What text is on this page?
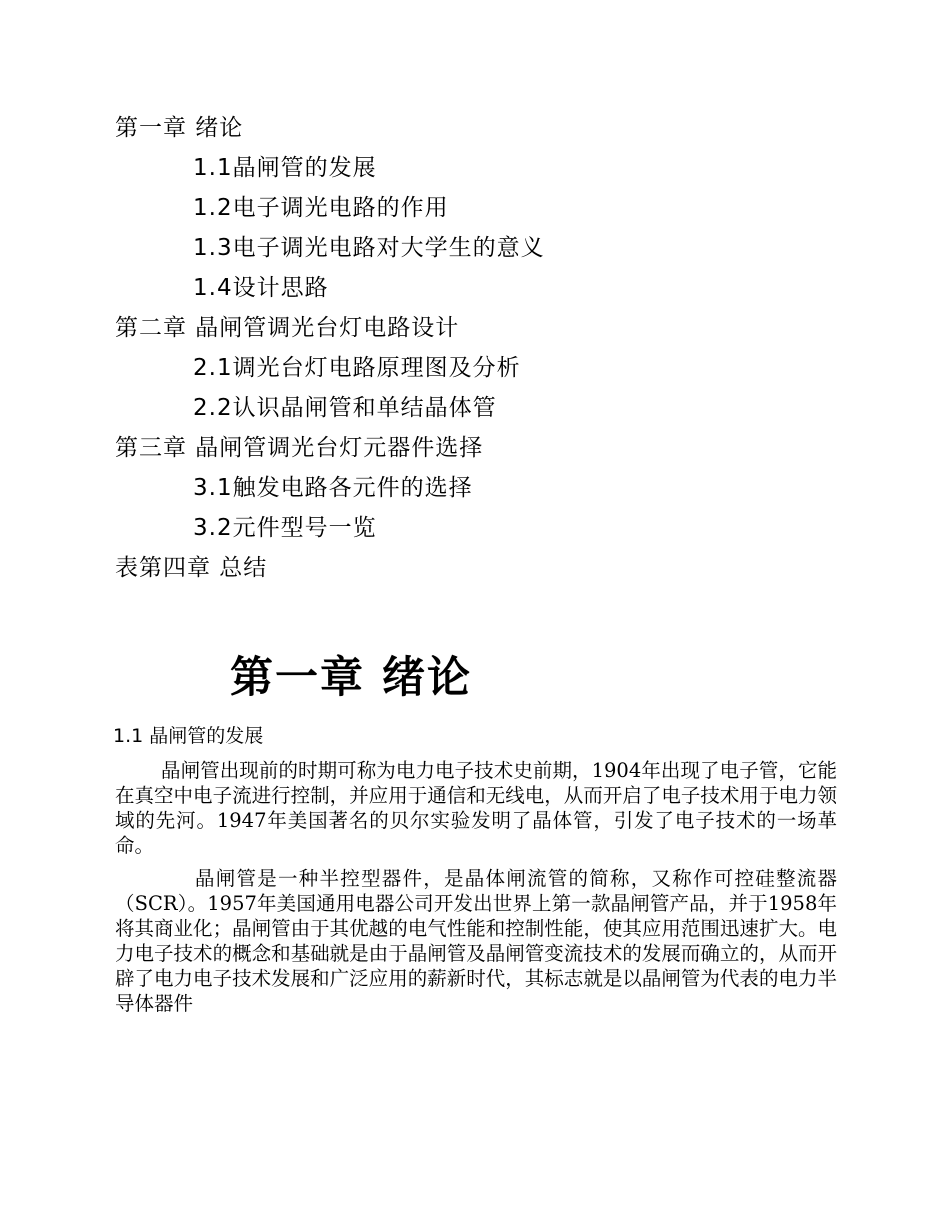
第一章 绪论
1.1晶闸管的发展
1.2电子调光电路的作用
1.3电子调光电路对大学生的意义
1.4设计思路
第二章 晶闸管调光台灯电路设计
2.1调光台灯电路原理图及分析
2.2认识晶闸管和单结晶体管
第三章 晶闸管调光台灯元器件选择
3.1触发电路各元件的选择
3.2元件型号一览
表第四章 总结
第一章 绪论
1.1 晶闸管的发展

晶闸管出现前的时期可称为电力电子技术史前期，1904年出现了电子管，它能在真空中电子流进行控制，并应用于通信和无线电，从而开启了电子技术用于电力领域的先河。1947年美国著名的贝尔实验发明了晶体管，引发了电子技术的一场革命。

晶闸管是一种半控型器件，是晶体闸流管的简称，又称作可控硅整流器（SCR）。1957年美国通用电器公司开发出世界上第一款晶闸管产品，并于1958年将其商业化；晶闸管由于其优越的电气性能和控制性能，使其应用范围迅速扩大。电力电子技术的概念和基础就是由于晶闸管及晶闸管变流技术的发展而确立的，从而开辟了电力电子技术发展和广泛应用的薪新时代，其标志就是以晶闸管为代表的电力半导体器件
